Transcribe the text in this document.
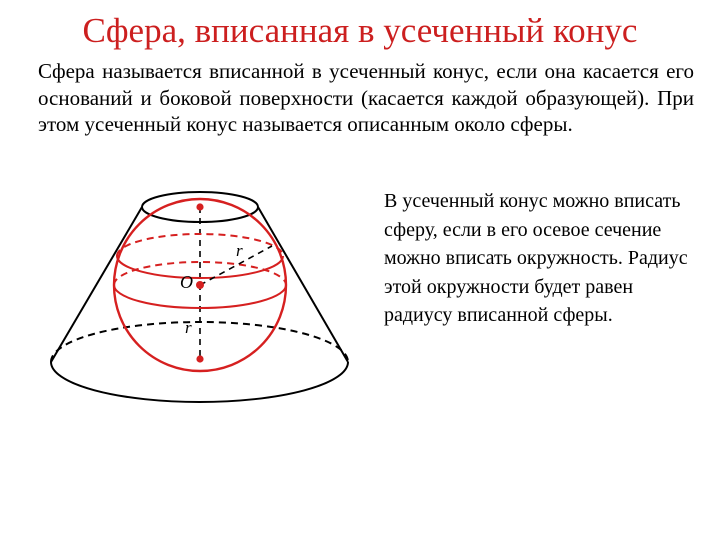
Сфера, вписанная в усеченный конус

Сфера называется вписанной в усеченный конус, если она касается его оснований и боковой поверхности (касается каждой образующей). При этом усеченный конус называется описанным около сферы.

O
r
r

В усеченный конус можно вписать сферу, если в его осевое сечение можно вписать окружность. Радиус этой окружности будет равен радиусу вписанной сферы.
